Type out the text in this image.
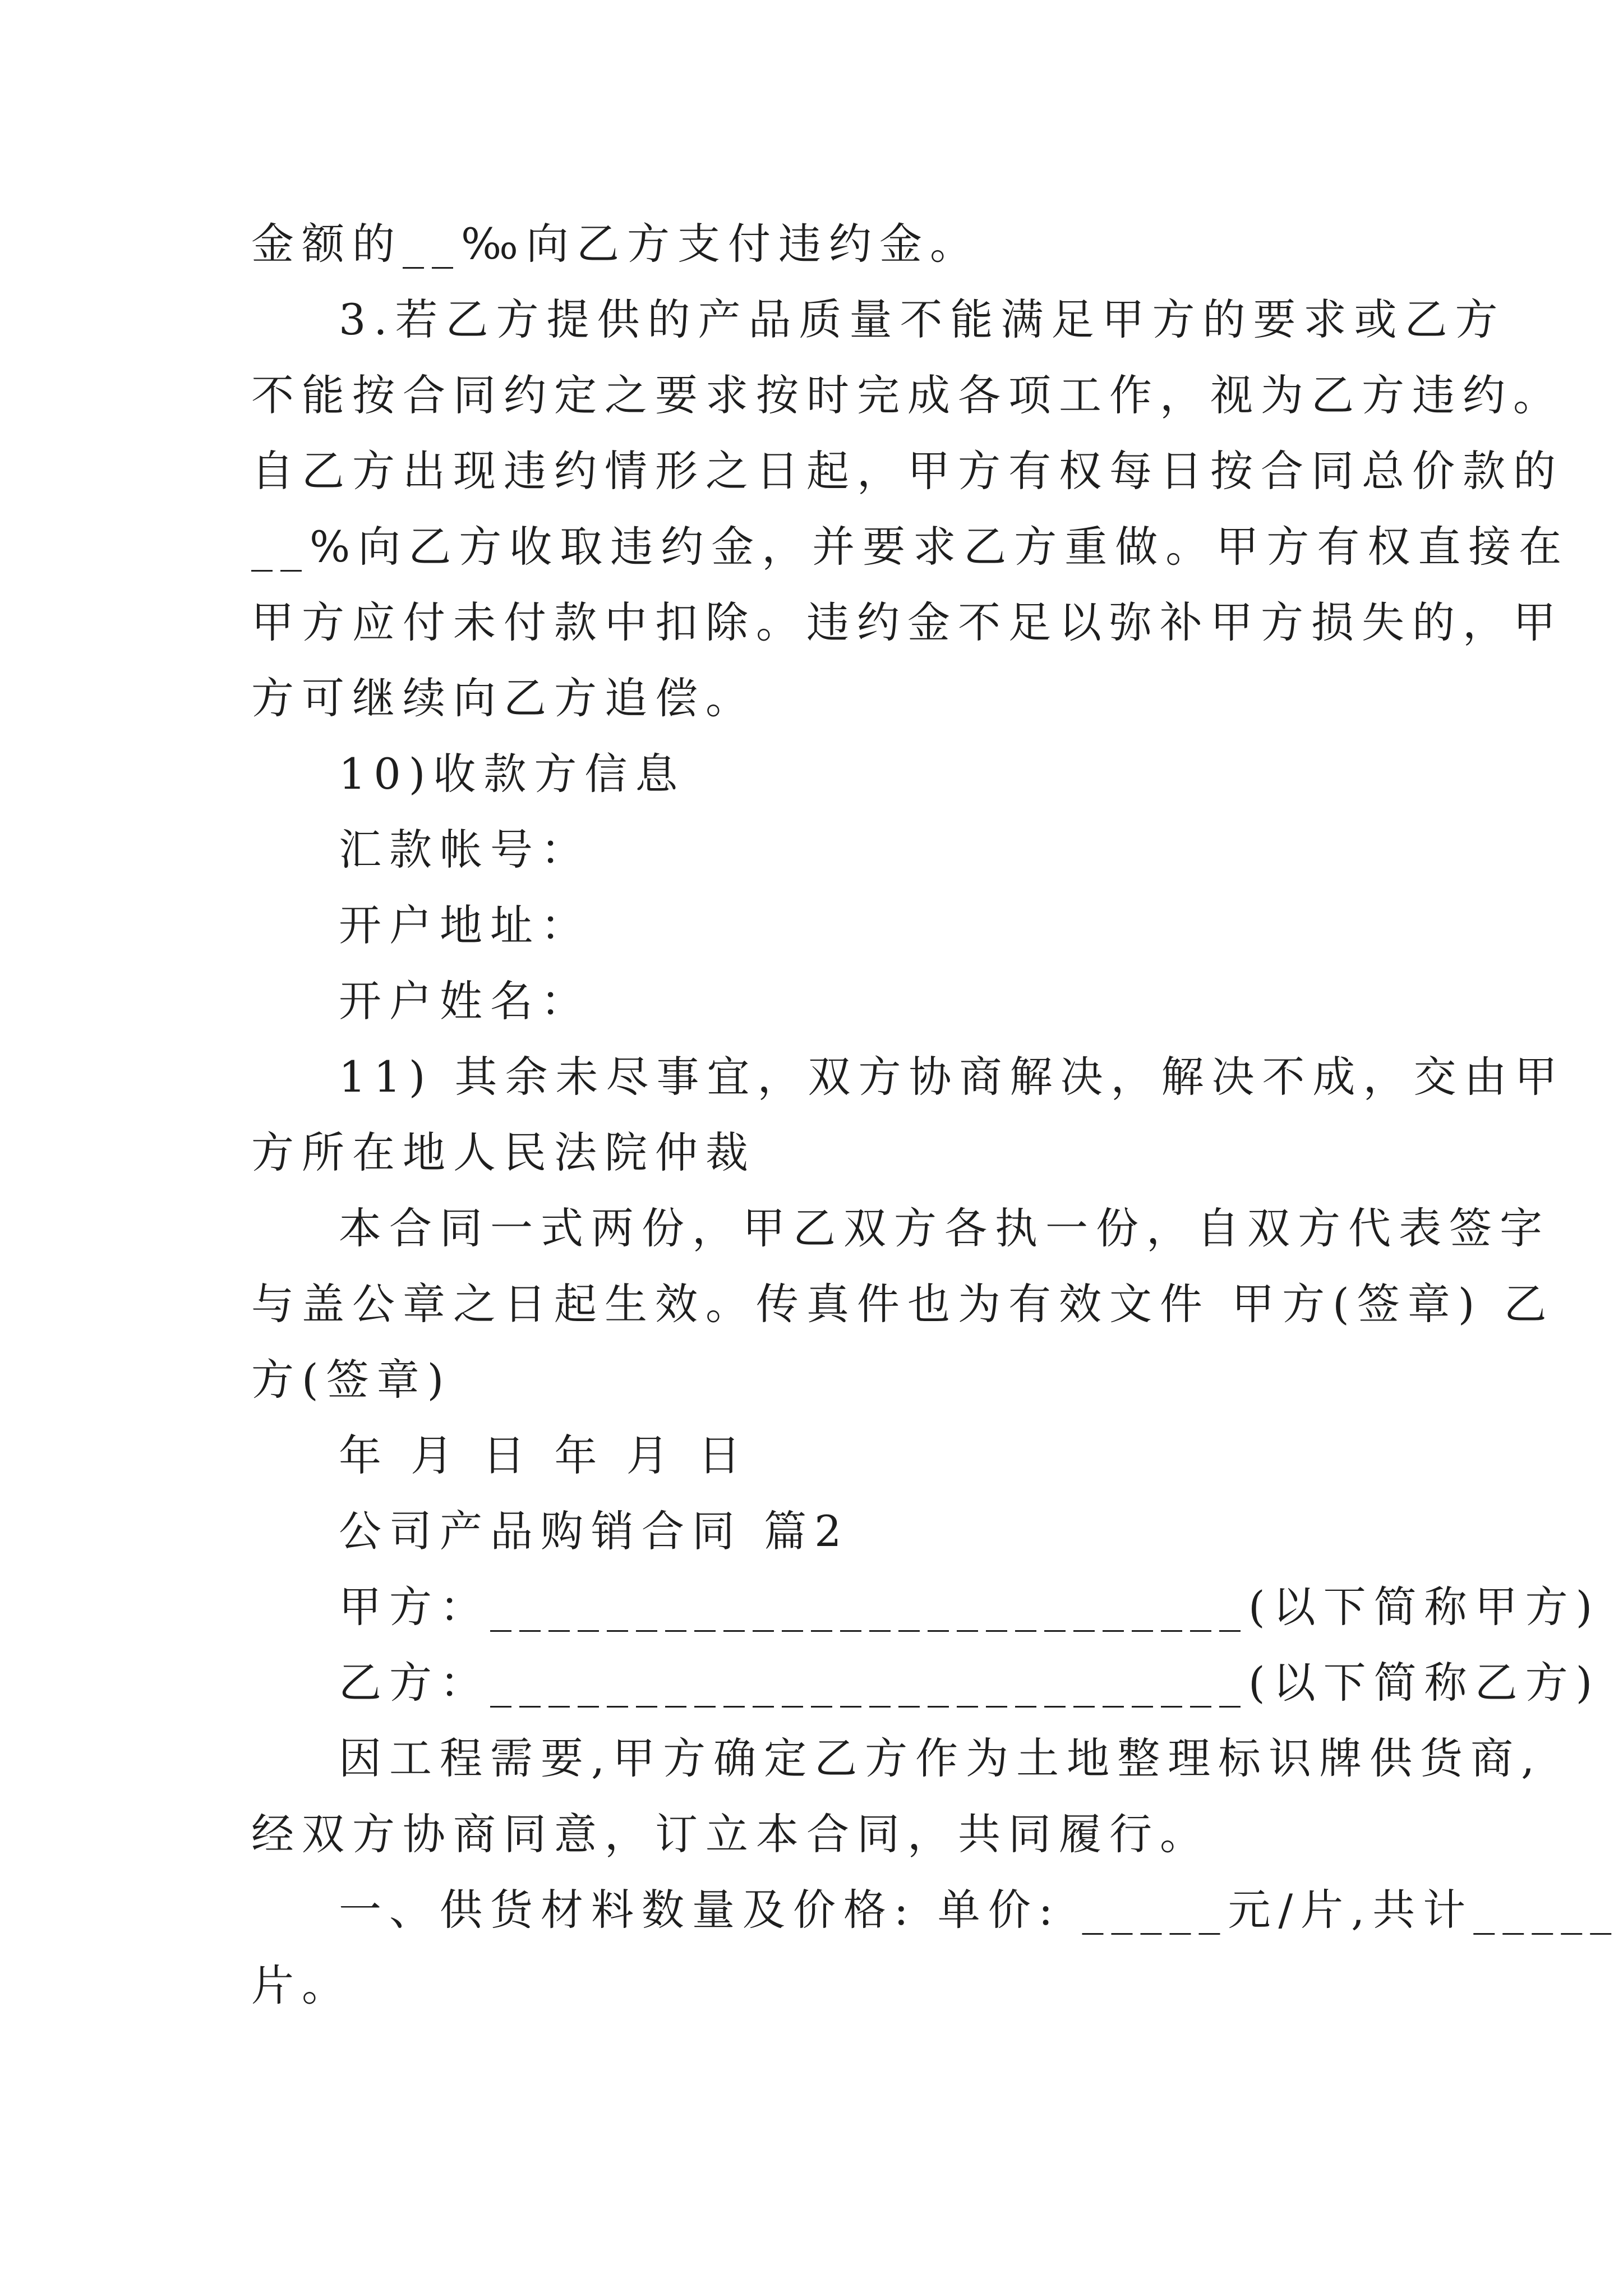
金额的__‰向乙方支付违约金。
3.若乙方提供的产品质量不能满足甲方的要求或乙方
不能按合同约定之要求按时完成各项工作，视为乙方违约。
自乙方出现违约情形之日起，甲方有权每日按合同总价款的
__%向乙方收取违约金，并要求乙方重做。甲方有权直接在
甲方应付未付款中扣除。违约金不足以弥补甲方损失的，甲
方可继续向乙方追偿。
10)收款方信息
汇款帐号：
开户地址：
开户姓名：
11) 其余未尽事宜，双方协商解决，解决不成，交由甲
方所在地人民法院仲裁
本合同一式两份，甲乙双方各执一份，自双方代表签字
与盖公章之日起生效。传真件也为有效文件 甲方(签章) 乙
方(签章)
年 月 日 年 月 日
公司产品购销合同 篇2
甲方：__________________________(以下简称甲方)
乙方：__________________________(以下简称乙方)
因工程需要,甲方确定乙方作为土地整理标识牌供货商,
经双方协商同意，订立本合同，共同履行。
一、供货材料数量及价格: 单价: _____元/片,共计_____
片。
